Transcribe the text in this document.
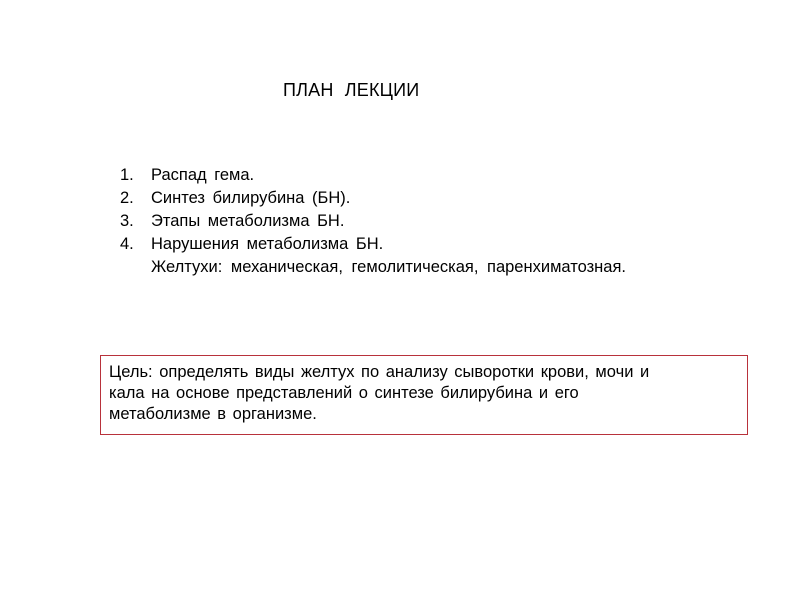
ПЛАН ЛЕКЦИИ
1.	Распад гема.
2.	Синтез билирубина (БН).
3.	Этапы метаболизма БН.
4.	Нарушения метаболизма БН.
Желтухи: механическая, гемолитическая, паренхиматозная.
Цель: определять виды желтух по анализу сыворотки крови, мочи и
кала на основе представлений о синтезе билирубина и его
метаболизме в организме.
